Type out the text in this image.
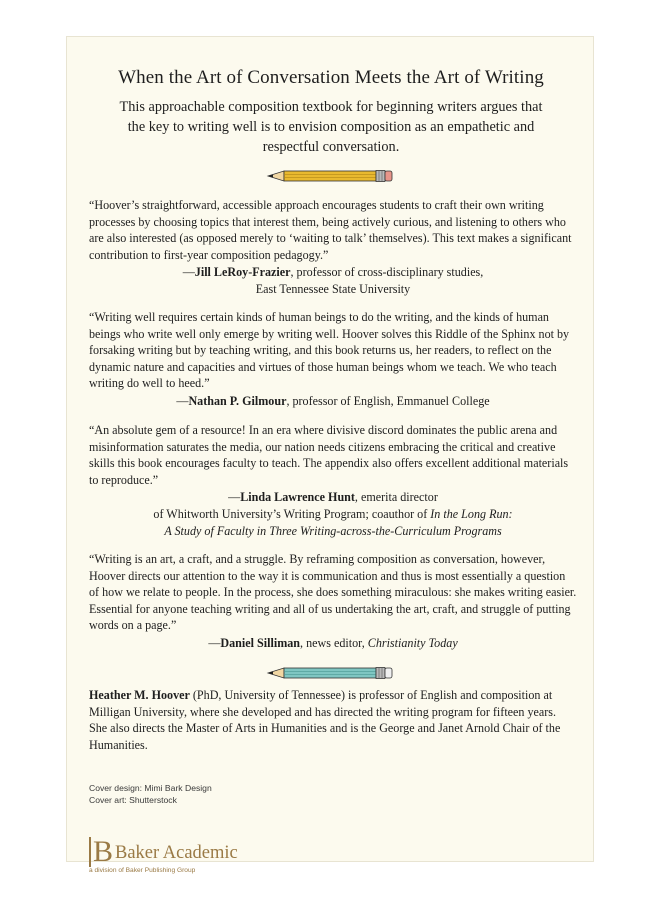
When the Art of Conversation Meets the Art of Writing
This approachable composition textbook for beginning writers argues that the key to writing well is to envision composition as an empathetic and respectful conversation.

“Hoover’s straightforward, accessible approach encourages students to craft their own writing processes by choosing topics that interest them, being actively curious, and listening to others who are also interested (as opposed merely to ‘waiting to talk’ themselves). This text makes a significant contribution to first-year composition pedagogy.”

—Jill LeRoy-Frazier, professor of cross-disciplinary studies,
East Tennessee State University

“Writing well requires certain kinds of human beings to do the writing, and the kinds of human beings who write well only emerge by writing well. Hoover solves this Riddle of the Sphinx not by forsaking writing but by teaching writing, and this book returns us, her readers, to reflect on the dynamic nature and capacities and virtues of those human beings whom we teach. We who teach writing do well to heed.”

—Nathan P. Gilmour, professor of English, Emmanuel College

“An absolute gem of a resource! In an era where divisive discord dominates the public arena and misinformation saturates the media, our nation needs citizens embracing the critical and creative skills this book encourages faculty to teach. The appendix also offers excellent additional materials to reproduce.”

—Linda Lawrence Hunt, emerita director
of Whitworth University’s Writing Program; coauthor of In the Long Run:
A Study of Faculty in Three Writing-across-the-Curriculum Programs

“Writing is an art, a craft, and a struggle. By reframing composition as conversation, however, Hoover directs our attention to the way it is communication and thus is most essentially a question of how we relate to people. In the process, she does something miraculous: she makes writing easier. Essential for anyone teaching writing and all of us undertaking the art, craft, and struggle of putting words on a page.”

—Daniel Silliman, news editor, Christianity Today
Heather M. Hoover (PhD, University of Tennessee) is professor of English and composition at Milligan University, where she developed and has directed the writing program for fifteen years. She also directs the Master of Arts in Humanities and is the George and Janet Arnold Chair of the Humanities.
Cover design: Mimi Bark Design
Cover art: Shutterstock
B Baker Academic
a division of Baker Publishing Group
